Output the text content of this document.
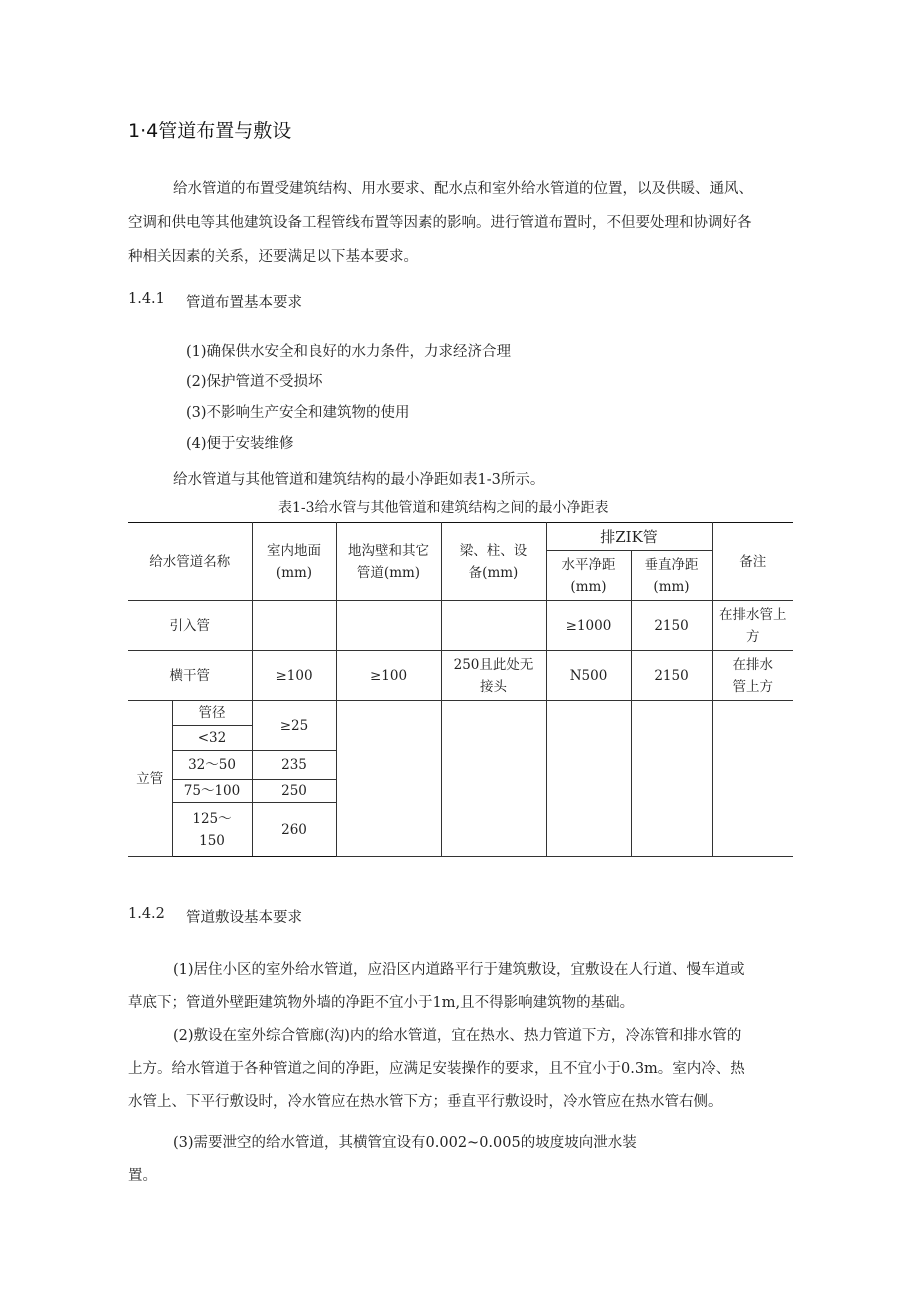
1·4管道布置与敷设
给水管道的布置受建筑结构、用水要求、配水点和室外给水管道的位置，以及供暖、通风、
空调和供电等其他建筑设备工程管线布置等因素的影响。进行管道布置时，不但要处理和协调好各
种相关因素的关系，还要满足以下基本要求。
1.4.1 管道布置基本要求
(1)确保供水安全和良好的水力条件，力求经济合理
(2)保护管道不受损坏
(3)不影响生产安全和建筑物的使用
(4)便于安装维修
给水管道与其他管道和建筑结构的最小净距如表1-3所示。
表1-3给水管与其他管道和建筑结构之间的最小净距表
给水管道名称		室内地面(mm)	地沟壁和其它管道(mm)	梁、柱、设备(mm)	排ZIK管		备注
					水平净距(mm)	垂直净距(mm)	
引入管					≥1000	2150	在排水管上方
横干管		≥100	≥100	250且此处无接头	N500	2150	在排水管上方
立管	管径	≥25					
	<32						
	32～50	235					
	75～100	250					
	125～150	260					
1.4.2 管道敷设基本要求
(1)居住小区的室外给水管道，应沿区内道路平行于建筑敷设，宜敷设在人行道、慢车道或
草底下；管道外壁距建筑物外墙的净距不宜小于1m,且不得影响建筑物的基础。
(2)敷设在室外综合管廊(沟)内的给水管道，宜在热水、热力管道下方，冷冻管和排水管的
上方。给水管道于各种管道之间的净距，应满足安装操作的要求，且不宜小于0.3m。室内冷、热
水管上、下平行敷设时，冷水管应在热水管下方；垂直平行敷设时，冷水管应在热水管右侧。
(3)需要泄空的给水管道，其横管宜设有0.002~0.005的坡度坡向泄水装
置。
